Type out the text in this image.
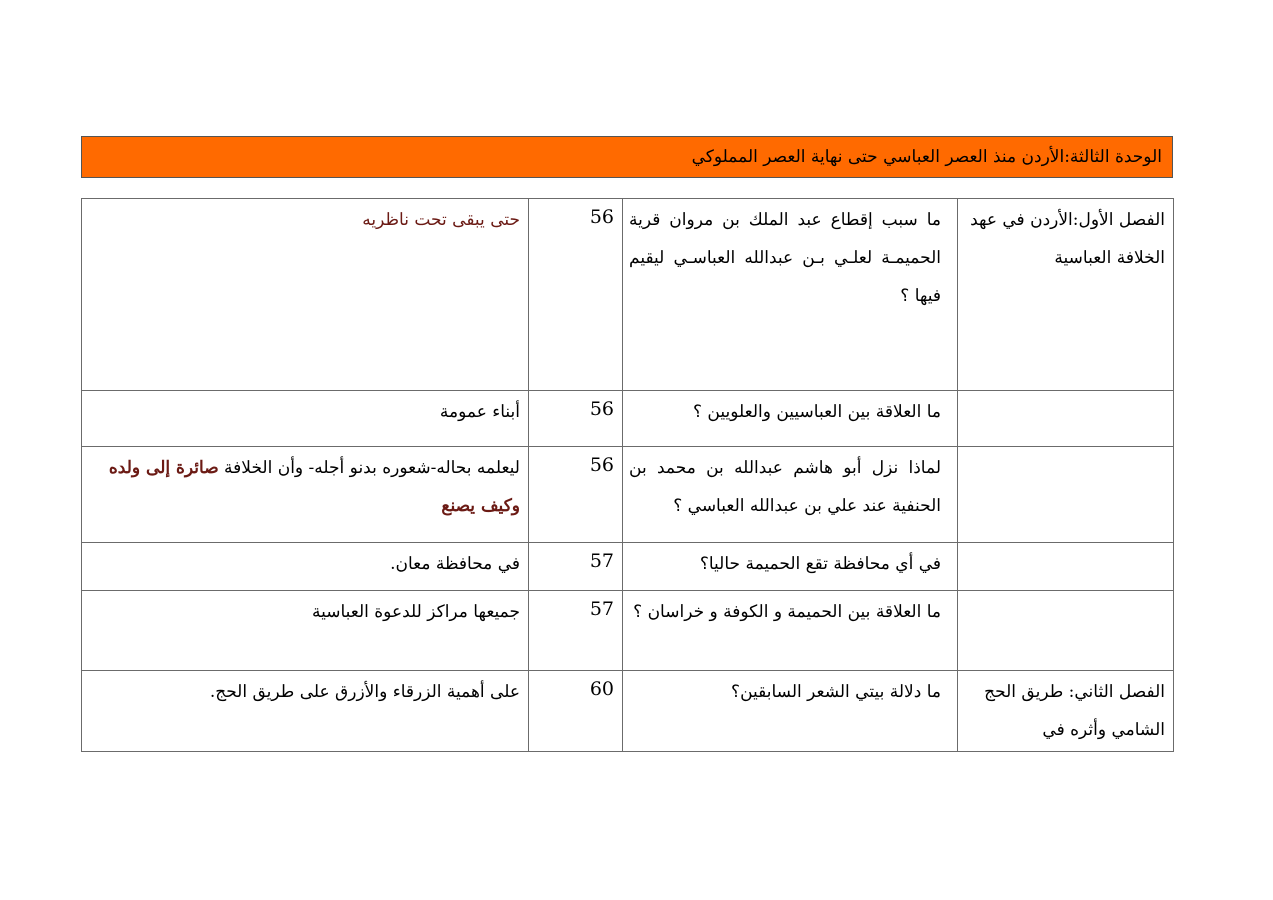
الوحدة الثالثة:الأردن منذ العصر العباسي حتى نهاية العصر المملوكي
الفصل الأول:الأردن في عهد الخلافة العباسية	ما سبب إقطاع عبد الملك بن مروان قرية الحميمـة لعلـي بـن عبدالله العباسـي ليقيم فيها ؟	56	حتى يبقى تحت ناظريه
	ما العلاقة بين العباسيين والعلويين ؟	56	أبناء عمومة
	لماذا نزل أبو هاشم عبدالله بن محمد بن الحنفية عند علي بن عبدالله العباسي ؟	56	ليعلمه بحاله-شعوره بدنو أجله- وأن الخلافة صائرة إلى ولده وكيف يصنع
	في أي محافظة تقع الحميمة حاليا؟	57	في محافظة معان.
	ما العلاقة بين الحميمة و الكوفة و خراسان ؟	57	جميعها مراكز للدعوة العباسية
الفصل الثاني: طريق الحج الشامي وأثره في	ما دلالة بيتي الشعر السابقين؟	60	على أهمية الزرقاء والأزرق على طريق الحج.
